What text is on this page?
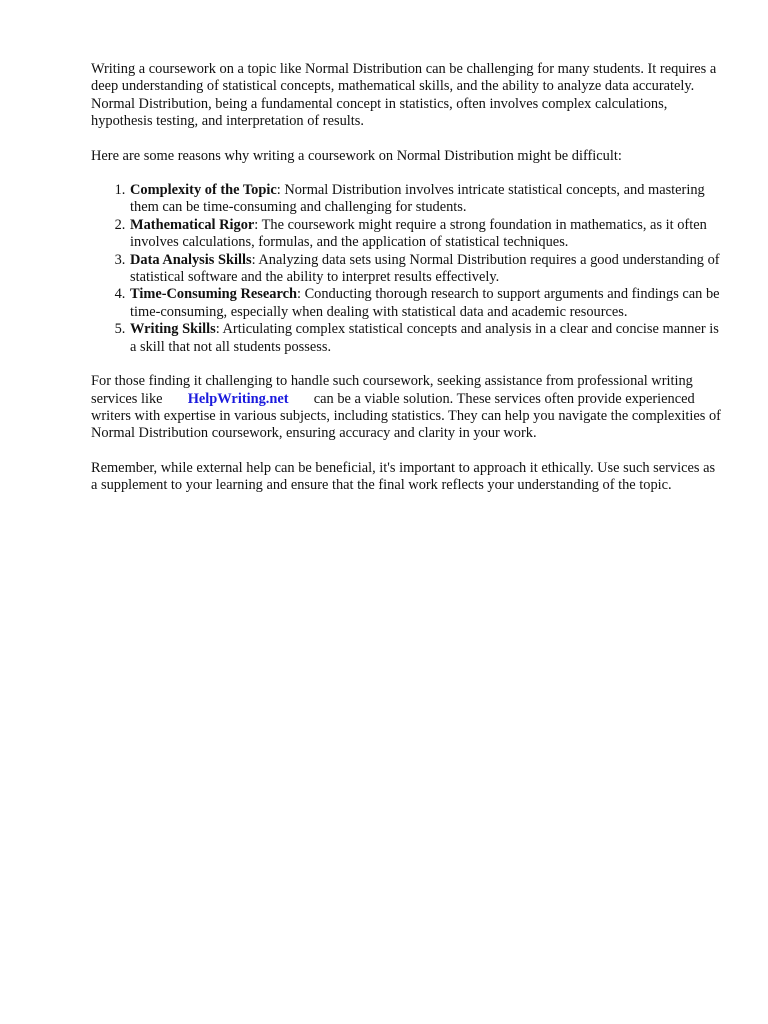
Writing a coursework on a topic like Normal Distribution can be challenging for many students. It requires a deep understanding of statistical concepts, mathematical skills, and the ability to analyze data accurately. Normal Distribution, being a fundamental concept in statistics, often involves complex calculations, hypothesis testing, and interpretation of results.

Here are some reasons why writing a coursework on Normal Distribution might be difficult:

1. Complexity of the Topic: Normal Distribution involves intricate statistical concepts, and mastering them can be time-consuming and challenging for students.
2. Mathematical Rigor: The coursework might require a strong foundation in mathematics, as it often involves calculations, formulas, and the application of statistical techniques.
3. Data Analysis Skills: Analyzing data sets using Normal Distribution requires a good understanding of statistical software and the ability to interpret results effectively.
4. Time-Consuming Research: Conducting thorough research to support arguments and findings can be time-consuming, especially when dealing with statistical data and academic resources.
5. Writing Skills: Articulating complex statistical concepts and analysis in a clear and concise manner is a skill that not all students possess.

For those finding it challenging to handle such coursework, seeking assistance from professional writing services like HelpWriting.net can be a viable solution. These services often provide experienced writers with expertise in various subjects, including statistics. They can help you navigate the complexities of Normal Distribution coursework, ensuring accuracy and clarity in your work.

Remember, while external help can be beneficial, it's important to approach it ethically. Use such services as a supplement to your learning and ensure that the final work reflects your understanding of the topic.
